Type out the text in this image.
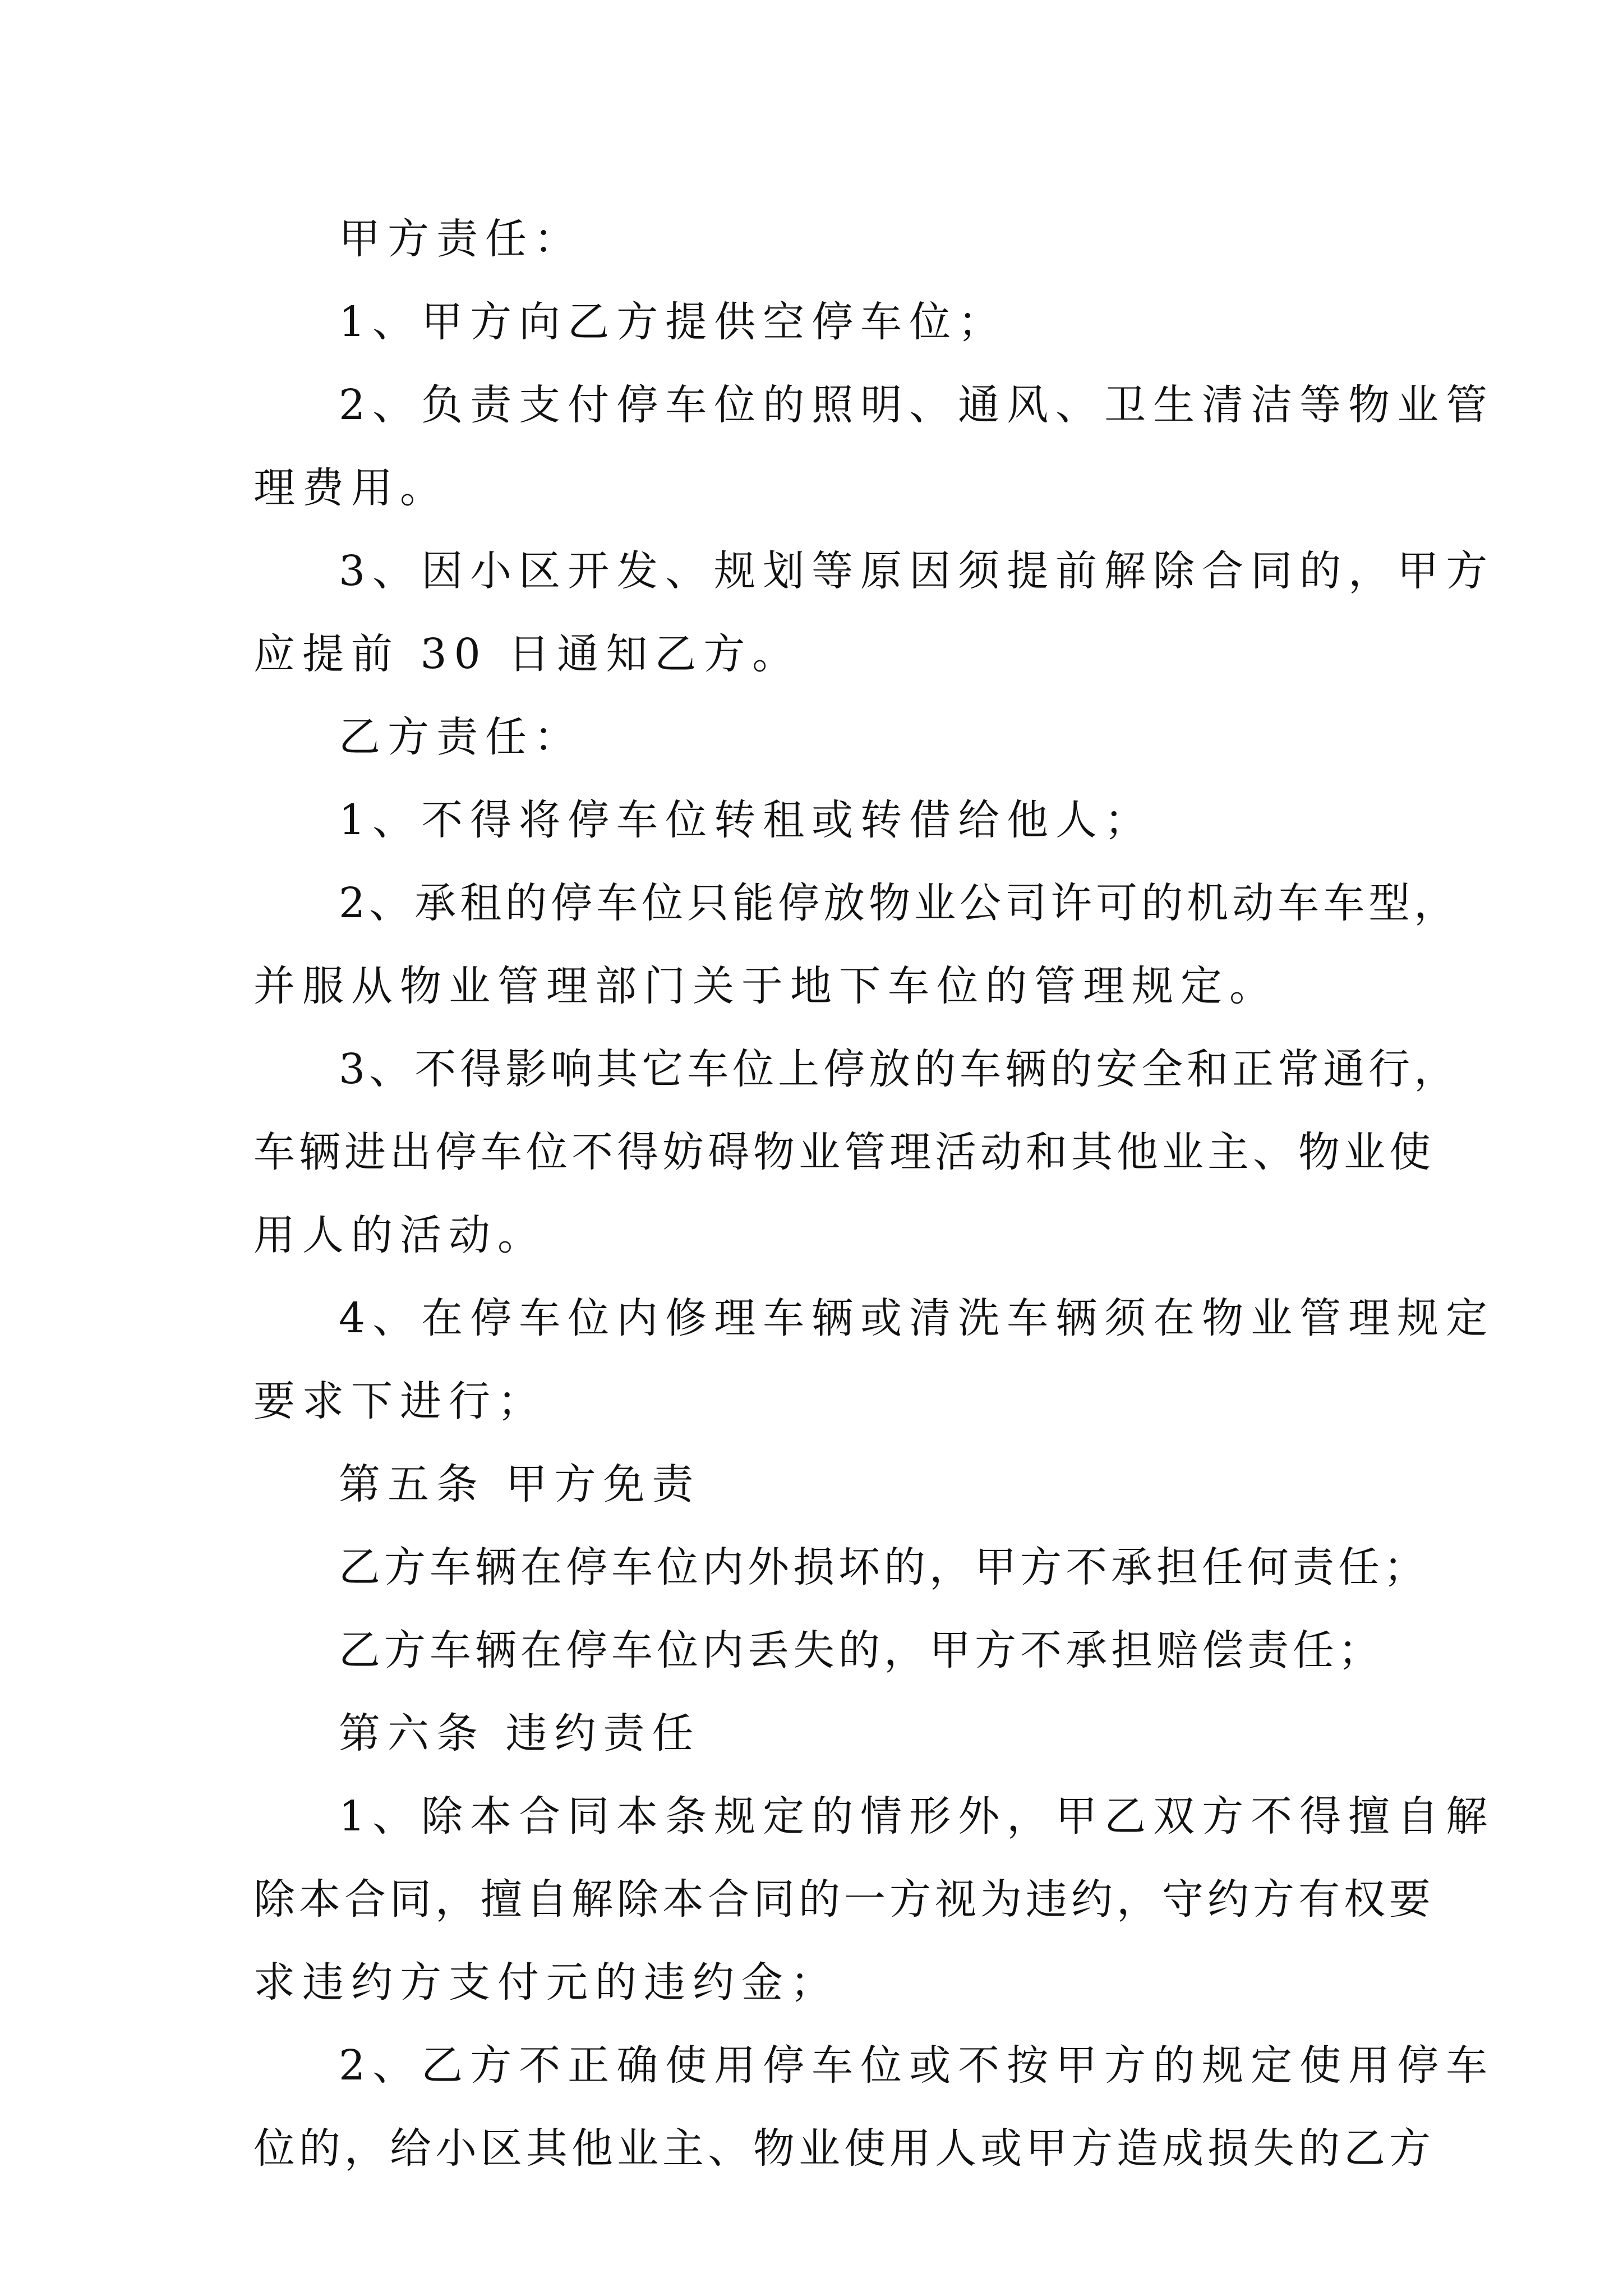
甲方责任：
1、甲方向乙方提供空停车位；
2、负责支付停车位的照明、通风、卫生清洁等物业管
理费用。
3、因小区开发、规划等原因须提前解除合同的，甲方
应提前 30 日通知乙方。
乙方责任：
1、不得将停车位转租或转借给他人；
2、承租的停车位只能停放物业公司许可的机动车车型，
并服从物业管理部门关于地下车位的管理规定。
3、不得影响其它车位上停放的车辆的安全和正常通行，
车辆进出停车位不得妨碍物业管理活动和其他业主、物业使
用人的活动。
4、在停车位内修理车辆或清洗车辆须在物业管理规定
要求下进行；
第五条 甲方免责
乙方车辆在停车位内外损坏的，甲方不承担任何责任；
乙方车辆在停车位内丢失的，甲方不承担赔偿责任；
第六条 违约责任
1、除本合同本条规定的情形外，甲乙双方不得擅自解
除本合同，擅自解除本合同的一方视为违约，守约方有权要
求违约方支付元的违约金；
2、乙方不正确使用停车位或不按甲方的规定使用停车
位的，给小区其他业主、物业使用人或甲方造成损失的乙方
